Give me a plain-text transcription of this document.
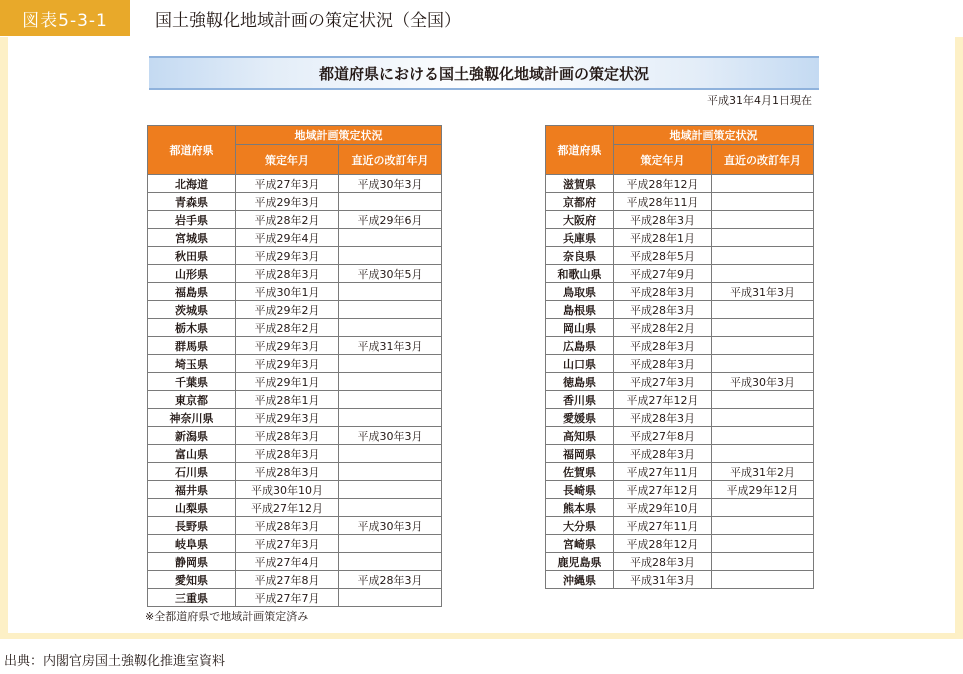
図表5-3-1	国土強靱化地域計画の策定状況（全国）
都道府県における国土強靱化地域計画の策定状況
平成31年4月1日現在
都道府県	地域計画策定状況	
	策定年月	直近の改訂年月
北海道	平成27年3月	平成30年3月
青森県	平成29年3月	
岩手県	平成28年2月	平成29年6月
宮城県	平成29年4月	
秋田県	平成29年3月	
山形県	平成28年3月	平成30年5月
福島県	平成30年1月	
茨城県	平成29年2月	
栃木県	平成28年2月	
群馬県	平成29年3月	平成31年3月
埼玉県	平成29年3月	
千葉県	平成29年1月	
東京都	平成28年1月	
神奈川県	平成29年3月	
新潟県	平成28年3月	平成30年3月
富山県	平成28年3月	
石川県	平成28年3月	
福井県	平成30年10月	
山梨県	平成27年12月	
長野県	平成28年3月	平成30年3月
岐阜県	平成27年3月	
静岡県	平成27年4月	
愛知県	平成27年8月	平成28年3月
三重県	平成27年7月	
都道府県	地域計画策定状況	
	策定年月	直近の改訂年月
滋賀県	平成28年12月	
京都府	平成28年11月	
大阪府	平成28年3月	
兵庫県	平成28年1月	
奈良県	平成28年5月	
和歌山県	平成27年9月	
鳥取県	平成28年3月	平成31年3月
島根県	平成28年3月	
岡山県	平成28年2月	
広島県	平成28年3月	
山口県	平成28年3月	
徳島県	平成27年3月	平成30年3月
香川県	平成27年12月	
愛媛県	平成28年3月	
高知県	平成27年8月	
福岡県	平成28年3月	
佐賀県	平成27年11月	平成31年2月
長崎県	平成27年12月	平成29年12月
熊本県	平成29年10月	
大分県	平成27年11月	
宮崎県	平成28年12月	
鹿児島県	平成28年3月	
沖縄県	平成31年3月	
※全都道府県で地域計画策定済み
出典：内閣官房国土強靱化推進室資料
